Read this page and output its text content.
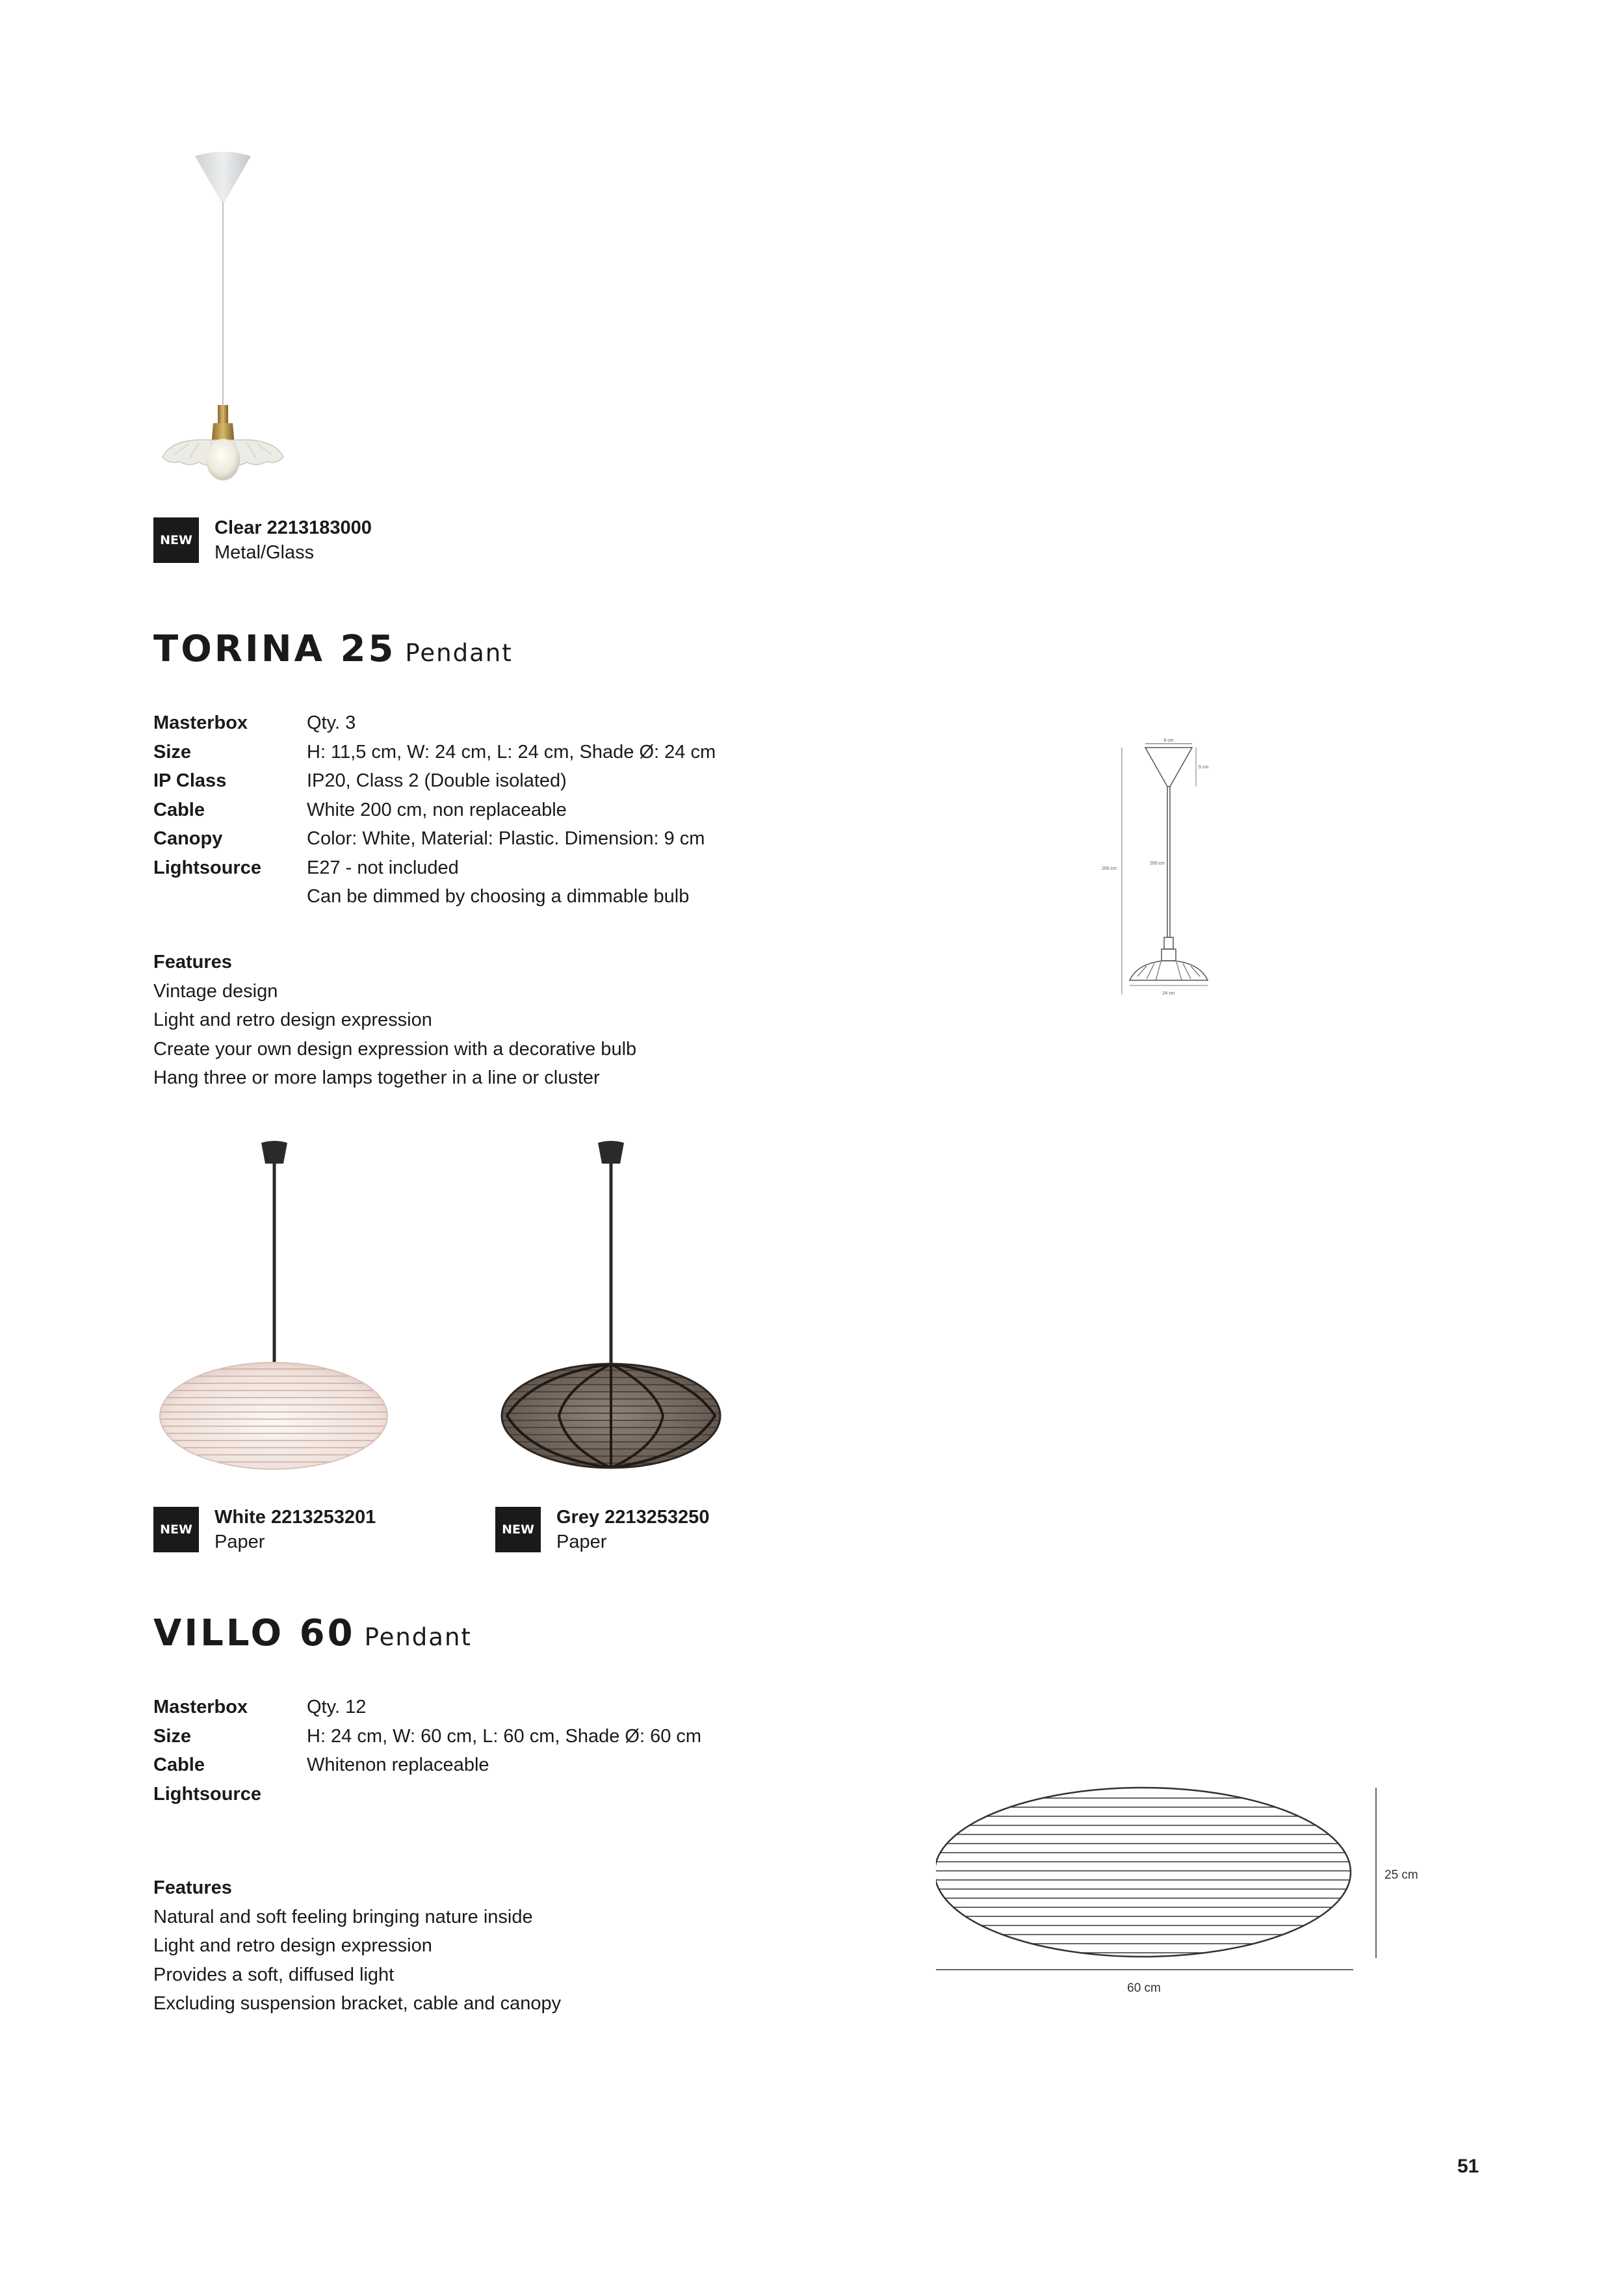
NEW
Clear 2213183000
Metal/Glass
TORINA 25 Pendant
Masterbox	Qty. 3
Size	H: 11,5 cm, W: 24 cm, L: 24 cm, Shade Ø: 24 cm
IP Class	IP20, Class 2 (Double isolated)
Cable	White 200 cm, non replaceable
Canopy	Color: White, Material: Plastic. Dimension: 9 cm
Lightsource	E27 - not included
Can be dimmed by choosing a dimmable bulb
Features
Vintage design
Light and retro design expression
Create your own design expression with a decorative bulb
Hang three or more lamps together in a line or cluster
9 cm
5 cm
200 cm
200 cm
24 cm
NEW
White 2213253201
Paper
NEW
Grey 2213253250
Paper
VILLO 60 Pendant
Masterbox	Qty. 12
Size	H: 24 cm, W: 60 cm, L: 60 cm, Shade Ø: 60 cm
Cable	Whitenon replaceable
Lightsource
Features
Natural and soft feeling bringing nature inside
Light and retro design expression
Provides a soft, diffused light
Excluding suspension bracket, cable and canopy
25 cm
60 cm
51
